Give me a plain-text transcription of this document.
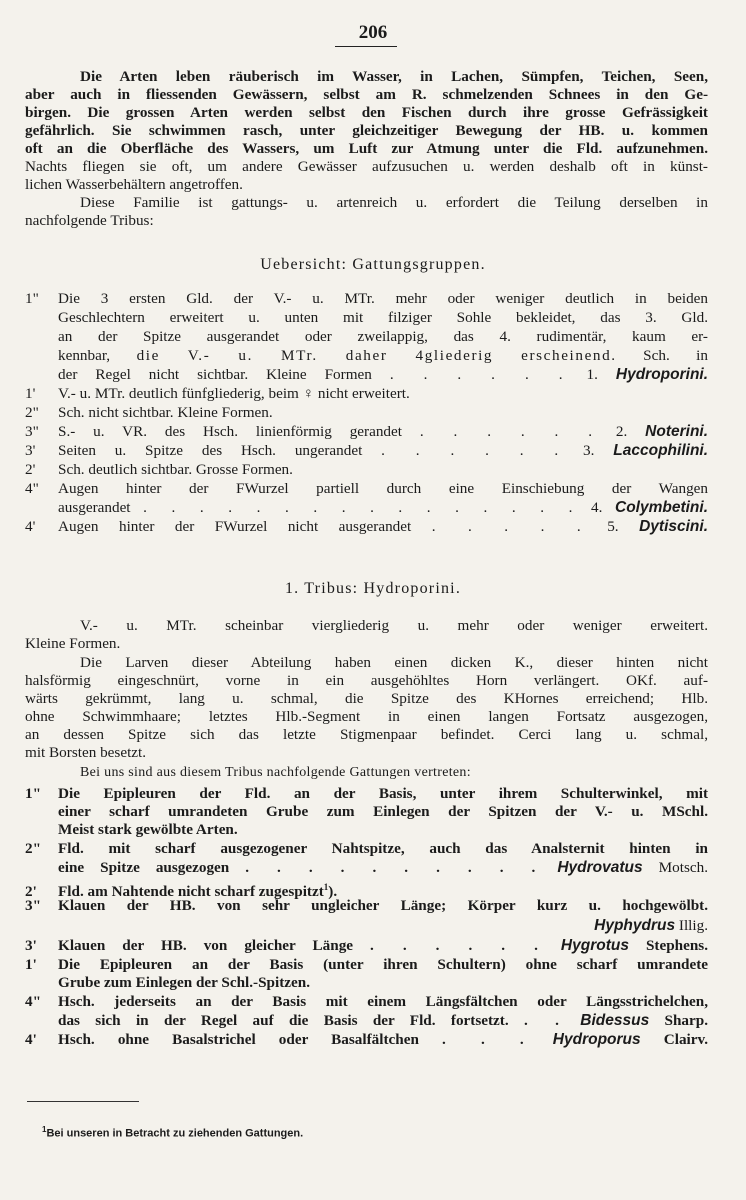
206
Die Arten leben räuberisch im Wasser, in Lachen, Sümpfen, Teichen, Seen,
aber auch in fliessenden Gewässern, selbst am R. schmelzenden Schnees in den Ge-
birgen. Die grossen Arten werden selbst den Fischen durch ihre grosse Gefrässigkeit
gefährlich. Sie schwimmen rasch, unter gleichzeitiger Bewegung der HB. u. kommen
oft an die Oberfläche des Wassers, um Luft zur Atmung unter die Fld. aufzunehmen.
Nachts fliegen sie oft, um andere Gewässer aufzusuchen u. werden deshalb oft in künst-
lichen Wasserbehältern angetroffen.
Diese Familie ist gattungs- u. artenreich u. erfordert die Teilung derselben in
nachfolgende Tribus:
Uebersicht: Gattungsgruppen.
1" Die 3 ersten Gld. der V.- u. MTr. mehr oder weniger deutlich in beiden
Geschlechtern erweitert u. unten mit filziger Sohle bekleidet, das 3. Gld.
an der Spitze ausgerandet oder zweilappig, das 4. rudimentär, kaum er-
kennbar, die V.- u. MTr. daher 4gliederig erscheinend. Sch. in
der Regel nicht sichtbar. Kleine Formen . . . . . . 1. Hydroporini.
1' V.- u. MTr. deutlich fünfgliederig, beim ♀ nicht erweitert.
2" Sch. nicht sichtbar. Kleine Formen.
3" S.- u. VR. des Hsch. linienförmig gerandet . . . . . . 2. Noterini.
3' Seiten u. Spitze des Hsch. ungerandet . . . . . . 3. Laccophilini.
2' Sch. deutlich sichtbar. Grosse Formen.
4" Augen hinter der FWurzel partiell durch eine Einschiebung der Wangen
ausgerandet . . . . . . . . . . . . . . . . 4. Colymbetini.
4' Augen hinter der FWurzel nicht ausgerandet . . . . . 5. Dytiscini.
1. Tribus: Hydroporini.
V.- u. MTr. scheinbar viergliederig u. mehr oder weniger erweitert.
Kleine Formen.
Die Larven dieser Abteilung haben einen dicken K., dieser hinten nicht
halsförmig eingeschnürt, vorne in ein ausgehöhltes Horn verlängert. OKf. auf-
wärts gekrümmt, lang u. schmal, die Spitze des KHornes erreichend; Hlb.
ohne Schwimmhaare; letztes Hlb.-Segment in einen langen Fortsatz ausgezogen,
an dessen Spitze sich das letzte Stigmenpaar befindet. Cerci lang u. schmal,
mit Borsten besetzt.
Bei uns sind aus diesem Tribus nachfolgende Gattungen vertreten:
1" Die Epipleuren der Fld. an der Basis, unter ihrem Schulterwinkel, mit
einer scharf umrandeten Grube zum Einlegen der Spitzen der V.- u. MSchl.
Meist stark gewölbte Arten.
2" Fld. mit scharf ausgezogener Nahtspitze, auch das Analsternit hinten in
eine Spitze ausgezogen . . . . . . . . . . Hydrovatus Motsch.
2' Fld. am Nahtende nicht scharf zugespitzt$^1$).
3" Klauen der HB. von sehr ungleicher Länge; Körper kurz u. hochgewölbt.
Hyphydrus Illig.
3' Klauen der HB. von gleicher Länge . . . . . . Hygrotus Stephens.
1' Die Epipleuren an der Basis (unter ihren Schultern) ohne scharf umrandete
Grube zum Einlegen der Schl.-Spitzen.
4" Hsch. jederseits an der Basis mit einem Längsfältchen oder Längsstrichelchen,
das sich in der Regel auf die Basis der Fld. fortsetzt. . . Bidessus Sharp.
4' Hsch. ohne Basalstrichel oder Basalfältchen . . . Hydroporus Clairv.
$^1$Bei unseren in Betracht zu ziehenden Gattungen.
